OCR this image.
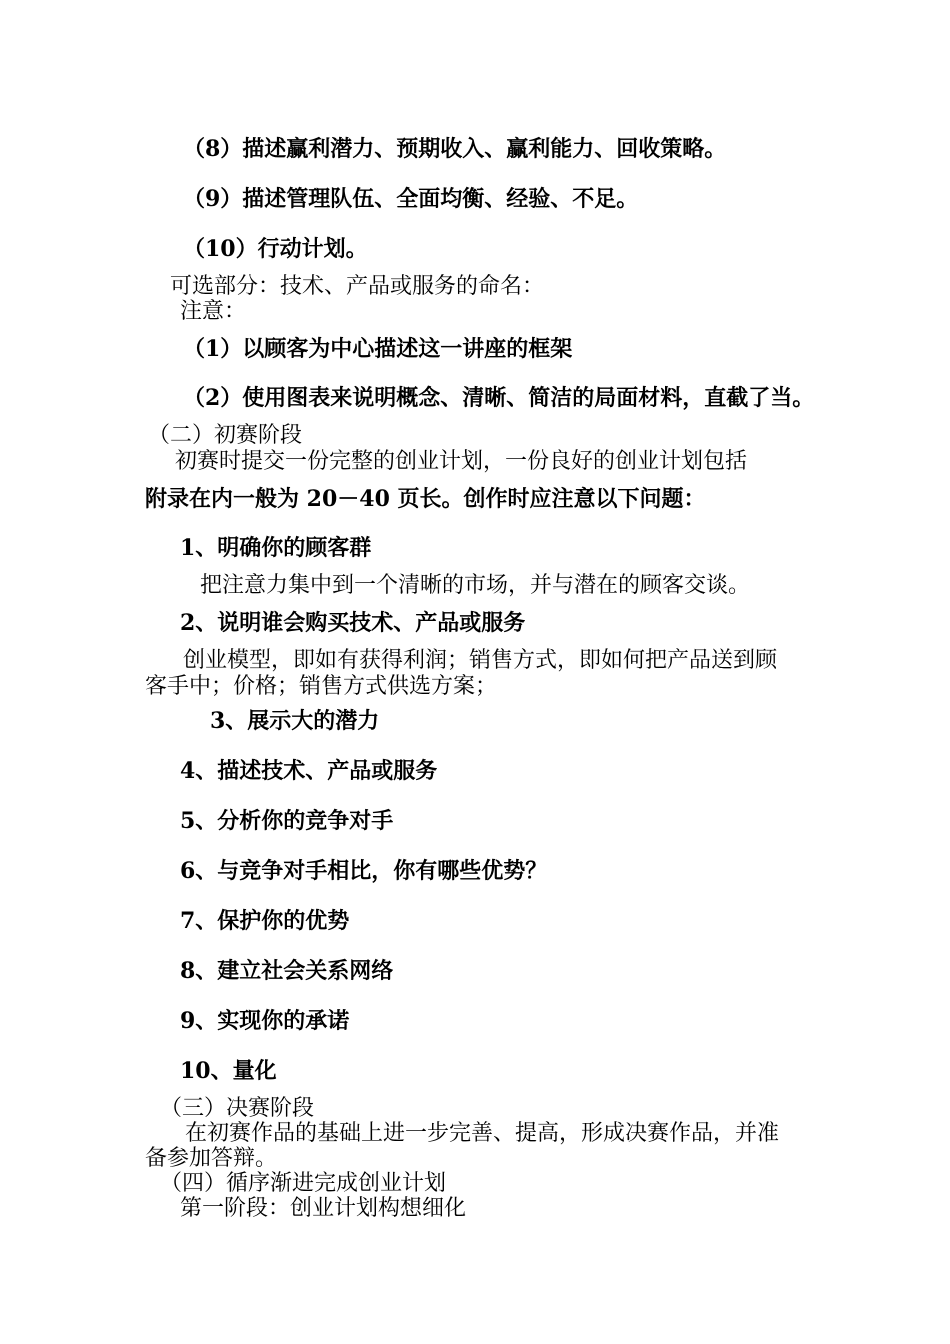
（8）描述赢利潜力、预期收入、赢利能力、回收策略。
（9）描述管理队伍、全面均衡、经验、不足。
（10）行动计划。
可选部分：技术、产品或服务的命名：
注意：
（1）以顾客为中心描述这一讲座的框架
（2）使用图表来说明概念、清晰、简洁的局面材料，直截了当。
（二）初赛阶段
初赛时提交一份完整的创业计划，一份良好的创业计划包括
附录在内一般为 20－40 页长。创作时应注意以下问题：
1、明确你的顾客群
把注意力集中到一个清晰的市场，并与潜在的顾客交谈。
2、说明谁会购买技术、产品或服务
创业模型，即如有获得利润；销售方式，即如何把产品送到顾
客手中；价格；销售方式供选方案；
3、展示大的潜力
4、描述技术、产品或服务
5、分析你的竞争对手
6、与竞争对手相比，你有哪些优势？
7、保护你的优势
8、建立社会关系网络
9、实现你的承诺
10、量化
（三）决赛阶段
在初赛作品的基础上进一步完善、提高，形成决赛作品，并准
备参加答辩。
（四）循序渐进完成创业计划
第一阶段：创业计划构想细化
